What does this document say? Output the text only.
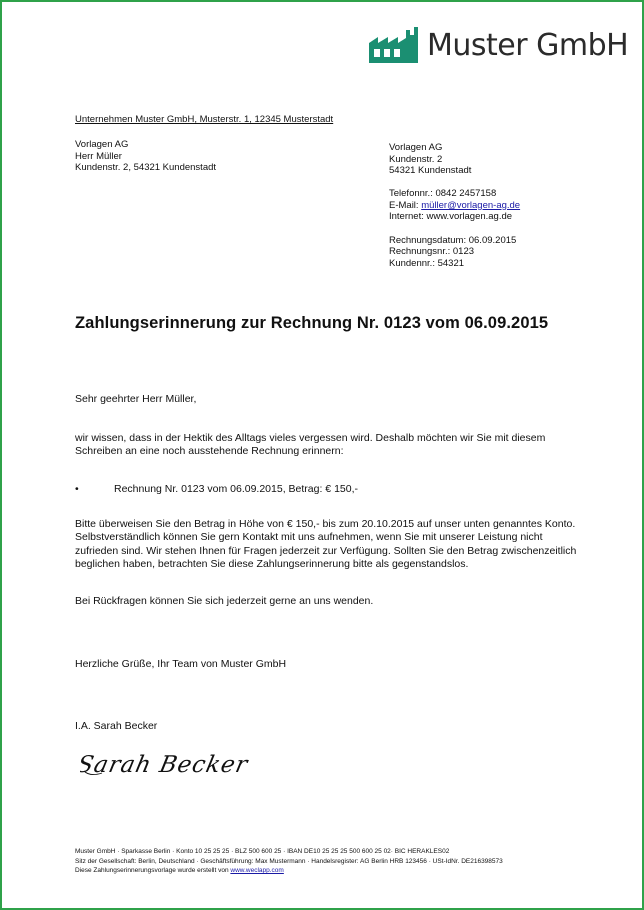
Muster GmbH
Unternehmen Muster GmbH, Musterstr. 1, 12345 Musterstadt
Vorlagen AG
Herr Müller
Kundenstr. 2, 54321 Kundenstadt
Vorlagen AG
Kundenstr. 2
54321 Kundenstadt
Telefonnr.: 0842 2457158
E-Mail: müller@vorlagen-ag.de
Internet: www.vorlagen.ag.de
Rechnungsdatum: 06.09.2015
Rechnungsnr.: 0123
Kundennr.: 54321
Zahlungserinnerung zur Rechnung Nr. 0123 vom 06.09.2015
Sehr geehrter Herr Müller,
wir wissen, dass in der Hektik des Alltags vieles vergessen wird. Deshalb möchten wir Sie mit diesem Schreiben an eine noch ausstehende Rechnung erinnern:
•	Rechnung Nr. 0123 vom 06.09.2015, Betrag: € 150,-
Bitte überweisen Sie den Betrag in Höhe von € 150,- bis zum 20.10.2015 auf unser unten genanntes Konto. Selbstverständlich können Sie gern Kontakt mit uns aufnehmen, wenn Sie mit unserer Leistung nicht zufrieden sind. Wir stehen Ihnen für Fragen jederzeit zur Verfügung. Sollten Sie den Betrag zwischenzeitlich beglichen haben, betrachten Sie diese Zahlungserinnerung bitte als gegenstandslos.
Bei Rückfragen können Sie sich jederzeit gerne an uns wenden.
Herzliche Grüße, Ihr Team von Muster GmbH
I.A. Sarah Becker
Sarah Becker
Muster GmbH · Sparkasse Berlin · Konto 10 25 25 25 · BLZ 500 600 25 · IBAN DE10 25 25 25 500 600 25 02· BIC HERAKLES02
Sitz der Gesellschaft: Berlin, Deutschland · Geschäftsführung: Max Mustermann · Handelsregister: AG Berlin HRB 123456 · USt-IdNr. DE216398573
Diese Zahlungserinnerungsvorlage wurde erstellt von www.weclapp.com
